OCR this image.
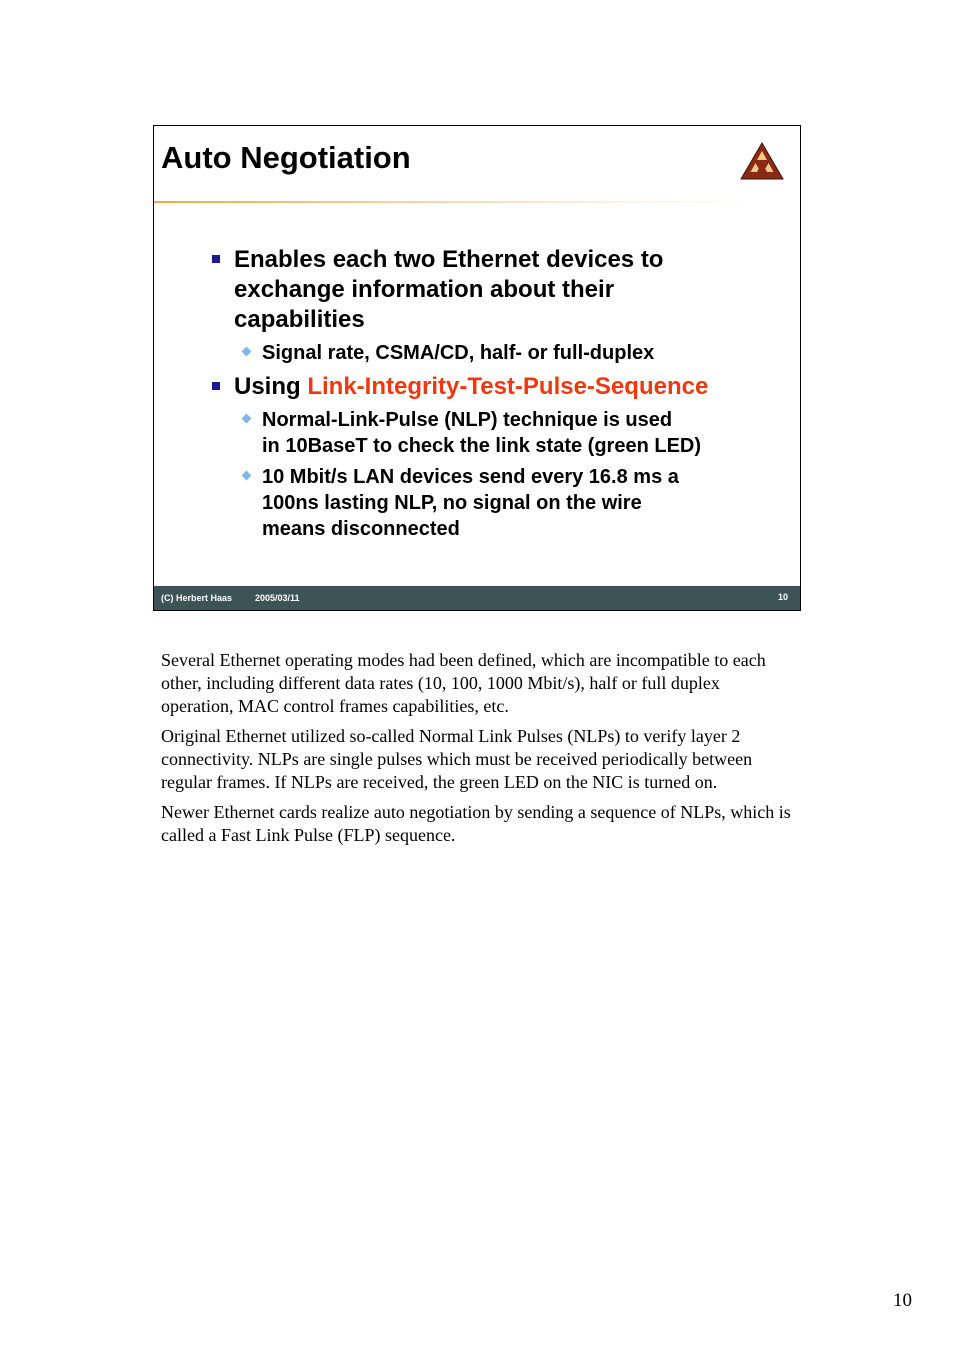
Auto Negotiation
Enables each two Ethernet devices to
exchange information about their
capabilities
Signal rate, CSMA/CD, half- or full-duplex
Using Link-Integrity-Test-Pulse-Sequence
Normal-Link-Pulse (NLP) technique is used
in 10BaseT to check the link state (green LED)
10 Mbit/s LAN devices send every 16.8 ms a
100ns lasting NLP, no signal on the wire
means disconnected
(C) Herbert Haas	2005/03/11	10

Several Ethernet operating modes had been defined, which are incompatible to each other, including different data rates (10, 100, 1000 Mbit/s), half or full duplex operation, MAC control frames capabilities, etc.

Original Ethernet utilized so-called Normal Link Pulses (NLPs) to verify layer 2 connectivity. NLPs are single pulses which must be received periodically between regular frames. If NLPs are received, the green LED on the NIC is turned on.

Newer Ethernet cards realize auto negotiation by sending a sequence of NLPs, which is called a Fast Link Pulse (FLP) sequence.

10
